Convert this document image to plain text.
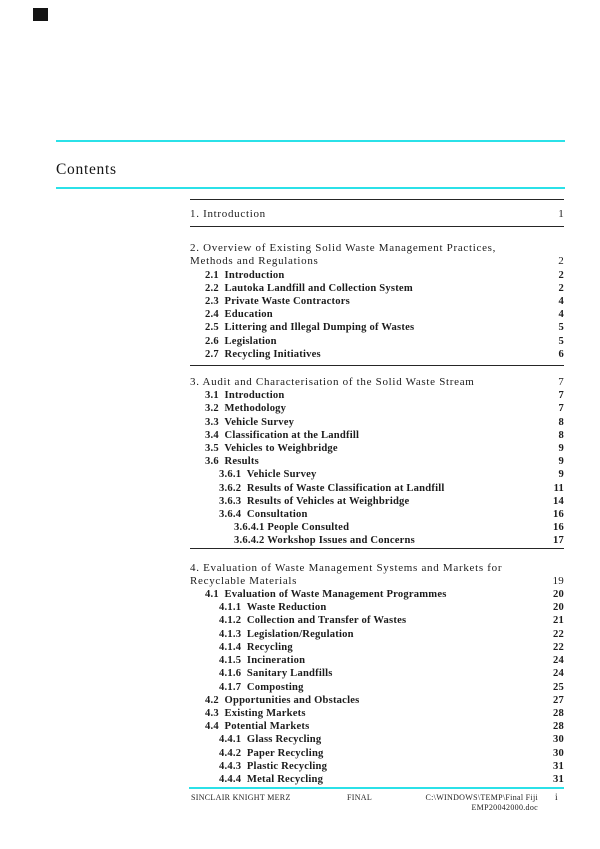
Contents
1. Introduction	1
2. Overview of Existing Solid Waste Management Practices,
Methods and Regulations	2
2.1  Introduction	2
2.2  Lautoka Landfill and Collection System	2
2.3  Private Waste Contractors	4
2.4  Education	4
2.5  Littering and Illegal Dumping of Wastes	5
2.6  Legislation	5
2.7  Recycling Initiatives	6
3. Audit and Characterisation of the Solid Waste Stream	7
3.1  Introduction	7
3.2  Methodology	7
3.3  Vehicle Survey	8
3.4  Classification at the Landfill	8
3.5  Vehicles to Weighbridge	9
3.6  Results	9
3.6.1  Vehicle Survey	9
3.6.2  Results of Waste Classification at Landfill	11
3.6.3  Results of Vehicles at Weighbridge	14
3.6.4  Consultation	16
3.6.4.1 People Consulted	16
3.6.4.2 Workshop Issues and Concerns	17
4. Evaluation of Waste Management Systems and Markets for
Recyclable Materials	19
4.1  Evaluation of Waste Management Programmes	20
4.1.1  Waste Reduction	20
4.1.2  Collection and Transfer of Wastes	21
4.1.3  Legislation/Regulation	22
4.1.4  Recycling	22
4.1.5  Incineration	24
4.1.6  Sanitary Landfills	24
4.1.7  Composting	25
4.2  Opportunities and Obstacles	27
4.3  Existing Markets	28
4.4  Potential Markets	28
4.4.1  Glass Recycling	30
4.4.2  Paper Recycling	30
4.4.3  Plastic Recycling	31
4.4.4  Metal Recycling	31
SINCLAIR KNIGHT MERZ	FINAL	C:\WINDOWS\TEMP\Final Fiji
EMP20042000.doc
i
